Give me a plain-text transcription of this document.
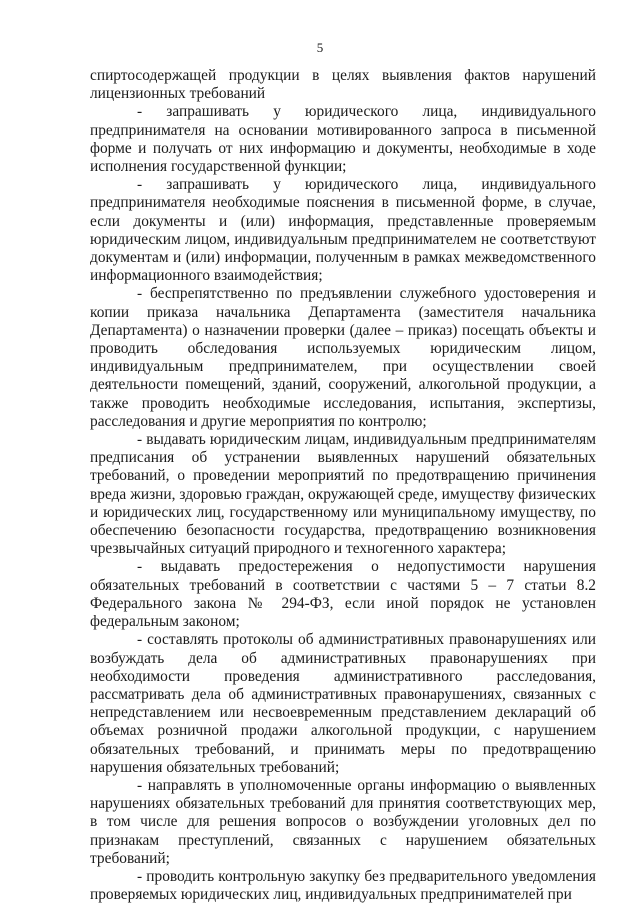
5

спиртосодержащей продукции в целях выявления фактов нарушений лицензионных требований

- запрашивать у юридического лица, индивидуального предпринимателя на основании мотивированного запроса в письменной форме и получать от них информацию и документы, необходимые в ходе исполнения государственной функции;

- запрашивать у юридического лица, индивидуального предпринимателя необходимые пояснения в письменной форме, в случае, если документы и (или) информация, представленные проверяемым юридическим лицом, индивидуальным предпринимателем не соответствуют документам и (или) информации, полученным в рамках межведомственного информационного взаимодействия;

- беспрепятственно по предъявлении служебного удостоверения и копии приказа начальника Департамента (заместителя начальника Департамента) о назначении проверки (далее – приказ) посещать объекты и проводить обследования используемых юридическим лицом, индивидуальным предпринимателем, при осуществлении своей деятельности помещений, зданий, сооружений, алкогольной продукции, а также проводить необходимые исследования, испытания, экспертизы, расследования и другие мероприятия по контролю;

- выдавать юридическим лицам, индивидуальным предпринимателям предписания об устранении выявленных нарушений обязательных требований, о проведении мероприятий по предотвращению причинения вреда жизни, здоровью граждан, окружающей среде, имуществу физических и юридических лиц, государственному или муниципальному имуществу, по обеспечению безопасности государства, предотвращению возникновения чрезвычайных ситуаций природного и техногенного характера;

- выдавать предостережения о недопустимости нарушения обязательных требований в соответствии с частями 5 – 7 статьи 8.2 Федерального закона № 294-ФЗ, если иной порядок не установлен федеральным законом;

- составлять протоколы об административных правонарушениях или возбуждать дела об административных правонарушениях при необходимости проведения административного расследования, рассматривать дела об административных правонарушениях, связанных с непредставлением или несвоевременным представлением деклараций об объемах розничной продажи алкогольной продукции, с нарушением обязательных требований, и принимать меры по предотвращению нарушения обязательных требований;

- направлять в уполномоченные органы информацию о выявленных нарушениях обязательных требований для принятия соответствующих мер, в том числе для решения вопросов о возбуждении уголовных дел по признакам преступлений, связанных с нарушением обязательных требований;

- проводить контрольную закупку без предварительного уведомления проверяемых юридических лиц, индивидуальных предпринимателей при
